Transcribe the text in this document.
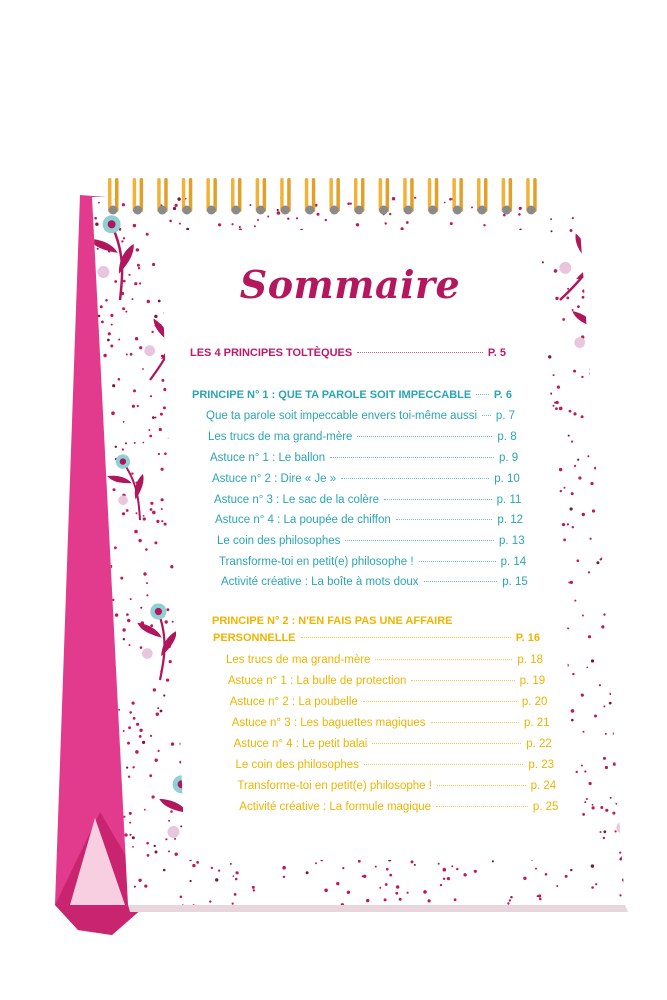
Sommaire
LES 4 PRINCIPES TOLTÈQUES	P. 5
PRINCIPE N° 1 : QUE TA PAROLE SOIT IMPECCABLE P. 6
Que ta parole soit impeccable envers toi-même aussi p. 7
Les trucs de ma grand-mère	p. 8
Astuce n° 1 : Le ballon	p. 9
Astuce n° 2 : Dire « Je »	p. 10
Astuce n° 3 : Le sac de la colère	p. 11
Astuce n° 4 : La poupée de chiffon	p. 12
Le coin des philosophes	p. 13
Transforme-toi en petit(e) philosophe !	p. 14
Activité créative : La boîte à mots doux	p. 15
PRINCIPE N° 2 : N'EN FAIS PAS UNE AFFAIRE
PERSONNELLE	P. 16
Les trucs de ma grand-mère	p. 18
Astuce n° 1 : La bulle de protection	p. 19
Astuce n° 2 : La poubelle	p. 20
Astuce n° 3 : Les baguettes magiques	p. 21
Astuce n° 4 : Le petit balai	p. 22
Le coin des philosophes	p. 23
Transforme-toi en petit(e) philosophe !	p. 24
Activité créative : La formule magique	p. 25
